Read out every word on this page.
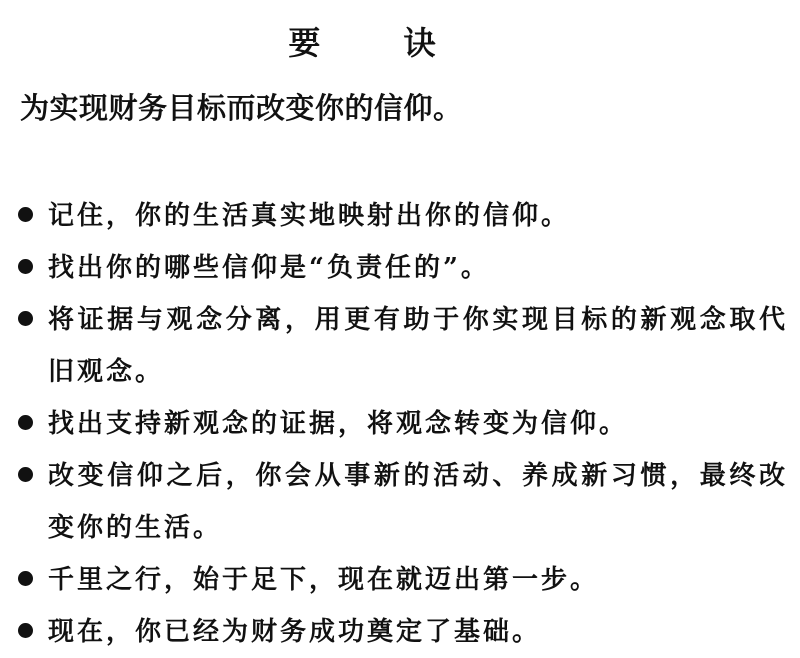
要 诀

为实现财务目标而改变你的信仰。

记住，你的生活真实地映射出你的信仰。
找出你的哪些信仰是“负责任的”。
将证据与观念分离，用更有助于你实现目标的新观念取代旧观念。
找出支持新观念的证据，将观念转变为信仰。
改变信仰之后，你会从事新的活动、养成新习惯，最终改变你的生活。
千里之行，始于足下，现在就迈出第一步。
现在，你已经为财务成功奠定了基础。
